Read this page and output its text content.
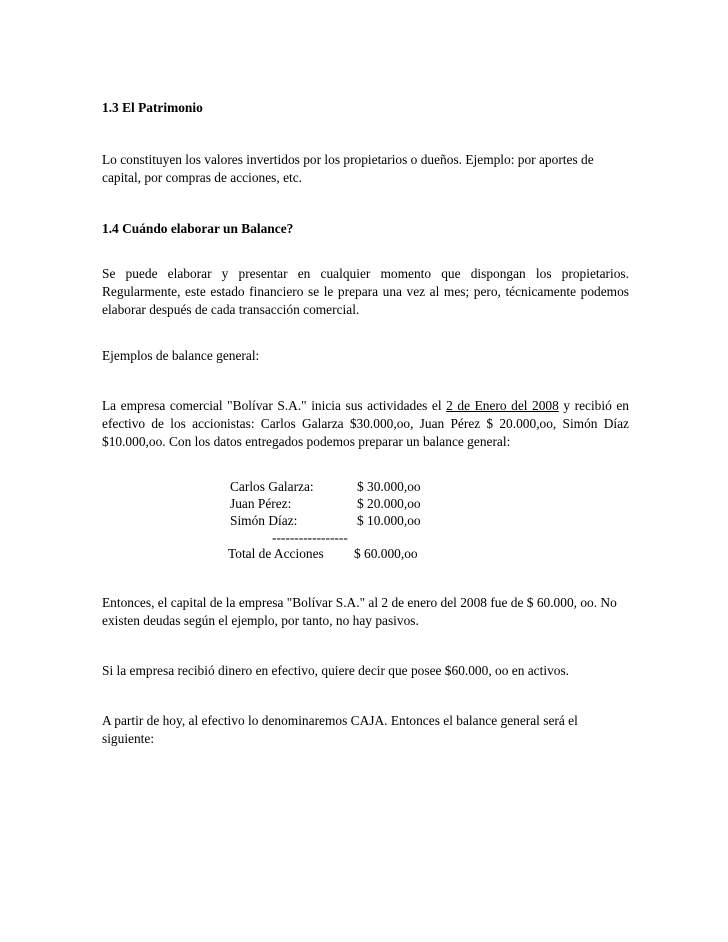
1.3 El Patrimonio

Lo constituyen los valores invertidos por los propietarios o dueños. Ejemplo: por aportes de capital, por compras de acciones, etc.

1.4 Cuándo elaborar un Balance?

Se puede elaborar y presentar en cualquier momento que dispongan los propietarios. Regularmente, este estado financiero se le prepara una vez al mes; pero, técnicamente podemos elaborar después de cada transacción comercial.

Ejemplos de balance general:

La empresa comercial "Bolívar S.A." inicia sus actividades el 2 de Enero del 2008 y recibió en efectivo de los accionistas: Carlos Galarza $30.000,oo, Juan Pérez $ 20.000,oo, Simón Díaz $10.000,oo. Con los datos entregados podemos preparar un balance general:

Carlos Galarza:	$ 30.000,oo
Juan Pérez:	$ 20.000,oo
Simón Díaz:	$ 10.000,oo
-----------------
Total de Acciones $ 60.000,oo

Entonces, el capital de la empresa "Bolívar S.A." al 2 de enero del 2008 fue de $ 60.000, oo. No existen deudas según el ejemplo, por tanto, no hay pasivos.

Si la empresa recibió dinero en efectivo, quiere decir que posee $60.000, oo en activos.

A partir de hoy, al efectivo lo denominaremos CAJA. Entonces el balance general será el siguiente:
